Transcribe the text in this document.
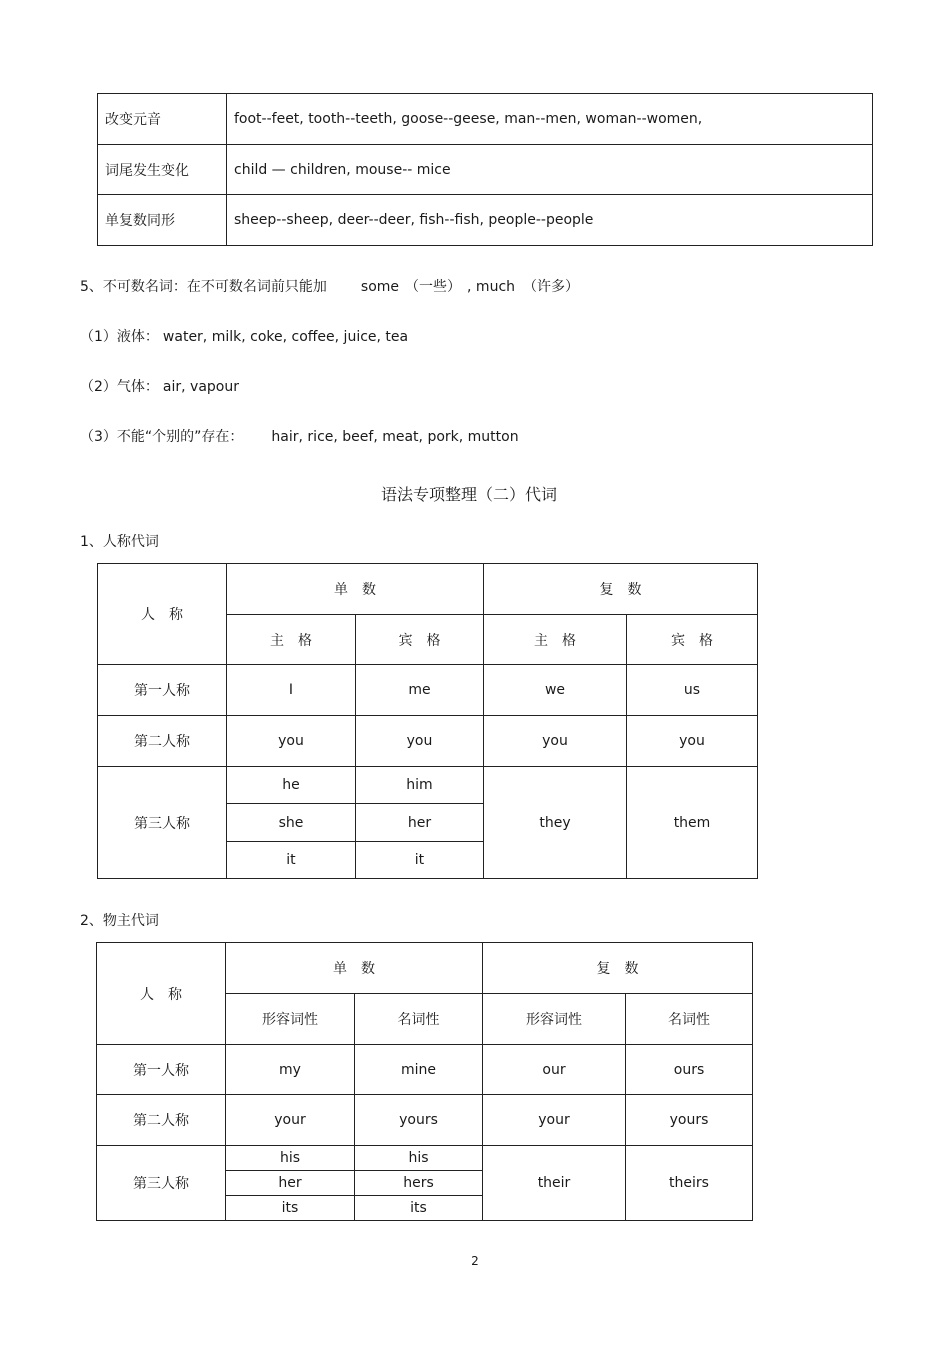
改变元音	foot--feet, tooth--teeth, goose--geese, man--men, woman--women,
词尾发生变化	child — children, mouse-- mice
单复数同形	sheep--sheep, deer--deer, fish--fish, people--people
5、不可数名词：在不可数名词前只能加 some （一些） , much （许多）
（1）液体： water, milk, coke, coffee, juice, tea
（2）气体： air, vapour
（3）不能“个别的”存在： hair, rice, beef, meat, pork, mutton
语法专项整理（二）代词
1、人称代词
人　称	单　数		复　数	
	主　格	宾　格	主　格	宾　格
第一人称	I	me	we	us
第二人称	you	you	you	you
第三人称	he	him	they	them
	she	her		
	it	it		
2、物主代词
人　称	单　数		复　数	
	形容词性	名词性	形容词性	名词性
第一人称	my	mine	our	ours
第二人称	your	yours	your	yours
第三人称	his	his	their	theirs
	her	hers		
	its	its		
2
